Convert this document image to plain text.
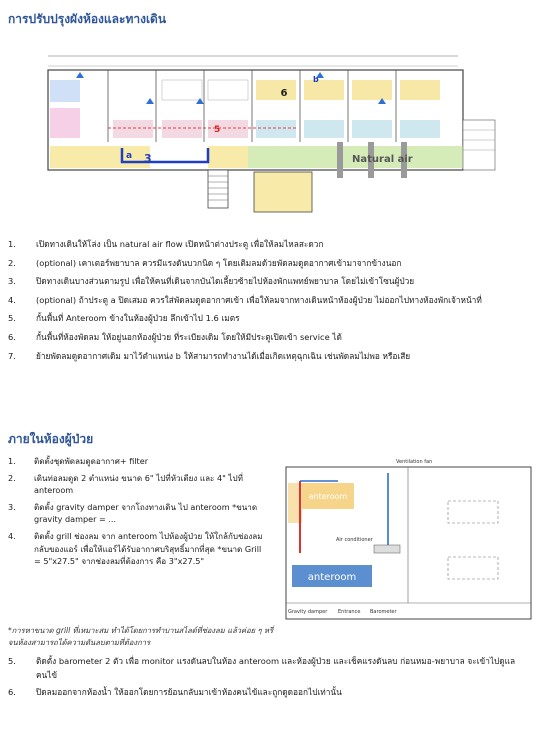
การปรับปรุงผังห้องและทางเดิน
6
5
a 3
b
Natural air
1. เปิดทางเดินให้โล่ง เป็น natural air flow เปิดหน้าต่างประตู เพื่อให้ลมไหลสะดวก
2. (optional) เคาเตอร์พยาบาล ควรมีแรงดันบวกนิด ๆ โดยเติมลมด้วยพัดลมดูดอากาศเข้ามาจากข้างนอก
3. ปิดทางเดินบางส่วนตามรูป เพื่อให้คนที่เดินจากบันไดเลี้ยวซ้ายไปห้องพักแพทย์พยาบาล โดยไม่เข้าโซนผู้ป่วย
4. (optional) ถ้าประตู a ปิดเสมอ ควรใส่พัดลมดูดอากาศเข้า เพื่อให้ลมจากทางเดินหน้าห้องผู้ป่วย ไม่ออกไปทางห้องพักเจ้าหน้าที่
5. กั้นพื้นที่ Anteroom ข้างในห้องผู้ป่วย ลึกเข้าไป 1.6 เมตร
6. กั้นพื้นที่ห้องพัดลม ให้อยู่นอกห้องผู้ป่วย ที่ระเบียงเดิม โดยให้มีประตูเปิดเข้า service ได้
7. ย้ายพัดลมดูดอากาศเดิม มาไว้ตำแหน่ง b ให้สามารถทำงานได้เมื่อเกิดเหตุฉุกเฉิน เช่นพัดลมไม่พอ หรือเสีย
ภายในห้องผู้ป่วย
1. ติดตั้งชุดพัดลมดูดอากาศ+ filter
2. เดินท่อลมดูด 2 ตำแหน่ง ขนาด 6" ไปที่หัวเตียง และ 4" ไปที่ anteroom
3. ติดตั้ง gravity damper จากโถงทางเดิน ไป anteroom *ขนาด gravity damper = ...
4. ติดตั้ง grill ช่องลม จาก anteroom ไปห้องผู้ป่วย ให้ใกล้กับช่องลมกลับของแอร์ เพื่อให้แอร์ได้รับอากาศบริสุทธิ์มากที่สุด *ขนาด Grill = 5"x27.5" จากช่องลมที่ต้องการ คือ 3"x27.5"
anteroom
anteroom
Ventilation fan
Air conditioner
Gravity damper Entrance Barometer
*การหาขนาด grill ที่เหมาะสม ทำได้โดยการทำบานสไลด์ที่ช่องลม แล้วค่อย ๆ หรี่จนห้องสามารถได้ความดันลบตามที่ต้องการ
5. ติดตั้ง barometer 2 ตัว เพื่อ monitor แรงดันลบในห้อง anteroom และห้องผู้ป่วย และเช็คแรงดันลบ ก่อนหมอ-พยาบาล จะเข้าไปดูแลคนไข้
6. ปิดลมออกจากห้องน้ำ ให้ออกโดยการย้อนกลับมาเข้าห้องคนไข้และถูกดูดออกไปเท่านั้น
